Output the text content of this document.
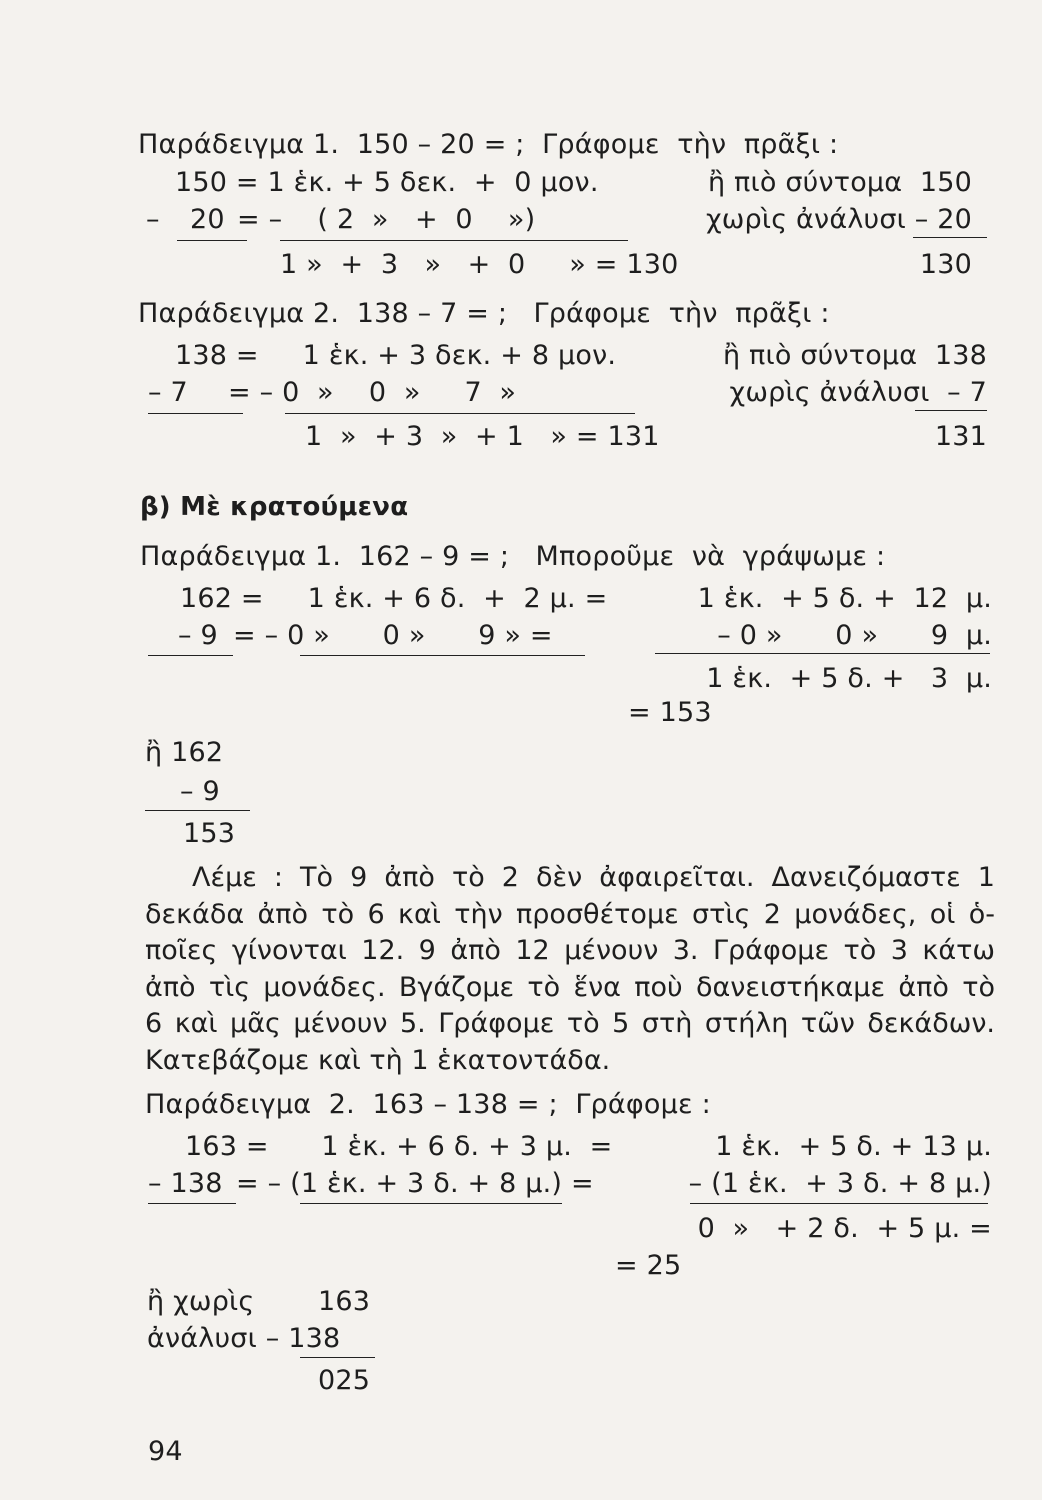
Παράδειγμα 1.  150 – 20 = ;  Γράφομε  τὴν  πρᾶξι :
150 = 1 ἑκ. + 5 δεκ.  +  0 μον.	ἢ πιὸ σύντομα  150
– 20 = –    ( 2  »   +  0    »)	χωρὶς ἀνάλυσι – 20
1 »  +  3   »   +  0     » = 130	130
Παράδειγμα 2.  138 – 7 = ;   Γράφομε  τὴν  πρᾶξι :
138 =     1 ἑκ. + 3 δεκ. + 8 μον.	ἢ πιὸ σύντομα  138
– 7 = – 0  »    0  »     7  »	χωρὶς ἀνάλυσι  – 7
1  »  + 3  »  + 1   » = 131	131
β) Μὲ κρατούμενα
Παράδειγμα 1.  162 – 9 = ;   Μποροῦμε  νὰ  γράψωμε :
162 =     1 ἑκ. + 6 δ.  +  2 μ. =	1 ἑκ.  + 5 δ. +  12  μ.
– 9 = – 0 »      0 »      9 » =	– 0 »      0 »      9  μ.
1 ἑκ.  + 5 δ. +   3  μ.
= 153
ἢ 162
– 9
153
Λέμε : Τὸ 9 ἀπὸ τὸ 2 δὲν ἀφαιρεῖται. Δανειζόμαστε 1
δεκάδα ἀπὸ τὸ 6 καὶ τὴν προσθέτομε στὶς 2 μονάδες, οἱ ὁ-
ποῖες γίνονται 12. 9 ἀπὸ 12 μένουν 3. Γράφομε τὸ 3 κάτω
ἀπὸ τὶς μονάδες. Βγάζομε τὸ ἕνα ποὺ δανειστήκαμε ἀπὸ τὸ
6 καὶ μᾶς μένουν 5. Γράφομε τὸ 5 στὴ στήλη τῶν δεκάδων.
Κατεβάζομε καὶ τὴ 1 ἑκατοντάδα.
Παράδειγμα  2.  163 – 138 = ;  Γράφομε :
163 =      1 ἑκ. + 6 δ. + 3 μ.  =	1 ἑκ.  + 5 δ. + 13 μ.
– 138 = – (1 ἑκ. + 3 δ. + 8 μ.) =	– (1 ἑκ.  + 3 δ. + 8 μ.)
0  »   + 2 δ.  + 5 μ. =
= 25
ἢ χωρὶς 163
ἀνάλυσι – 138
025
94
